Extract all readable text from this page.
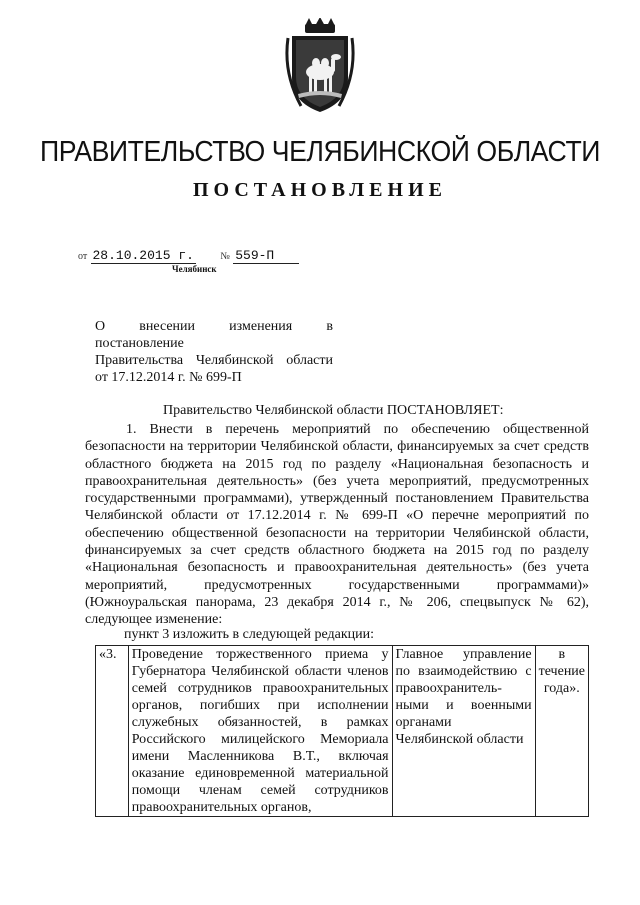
ПРАВИТЕЛЬСТВО ЧЕЛЯБИНСКОЙ ОБЛАСТИ
ПОСТАНОВЛЕНИЕ
от 28.10.2015 г.	№ 559-П
Челябинск

О внесении изменения в постановление

Правительства Челябинской области

от 17.12.2014 г. № 699-П

Правительство Челябинской области ПОСТАНОВЛЯЕТ:

1. Внести в перечень мероприятий по обеспечению общественной безопасности на территории Челябинской области, финансируемых за счет средств областного бюджета на 2015 год по разделу «Национальная безопасность и правоохранительная деятельность» (без учета мероприятий, предусмотренных государственными программами), утвержденный постановлением Правительства Челябинской области от 17.12.2014 г. № 699-П «О перечне мероприятий по обеспечению общественной безопасности на территории Челябинской области, финансируемых за счет средств областного бюджета на 2015 год по разделу «Национальная безопасность и правоохранительная деятельность» (без учета мероприятий, предусмотренных государственными программами)» (Южноуральская панорама, 23 декабря 2014 г., № 206, спецвыпуск № 62), следующее изменение:

пункт 3 изложить в следующей редакции:
«3.	Проведение торжественного приема у Губернатора Челябинской области членов семей сотрудников правоохранительных органов, погибших при исполнении служебных обязанностей, в рамках Российского милицейского Мемориала имени Масленникова В.Т., включая оказание единовременной материальной помощи членам семей сотрудников правоохранительных органов,	Главное управление по взаимодействию с правоохранитель-ными и военными органами Челябинской области	в течение года».
